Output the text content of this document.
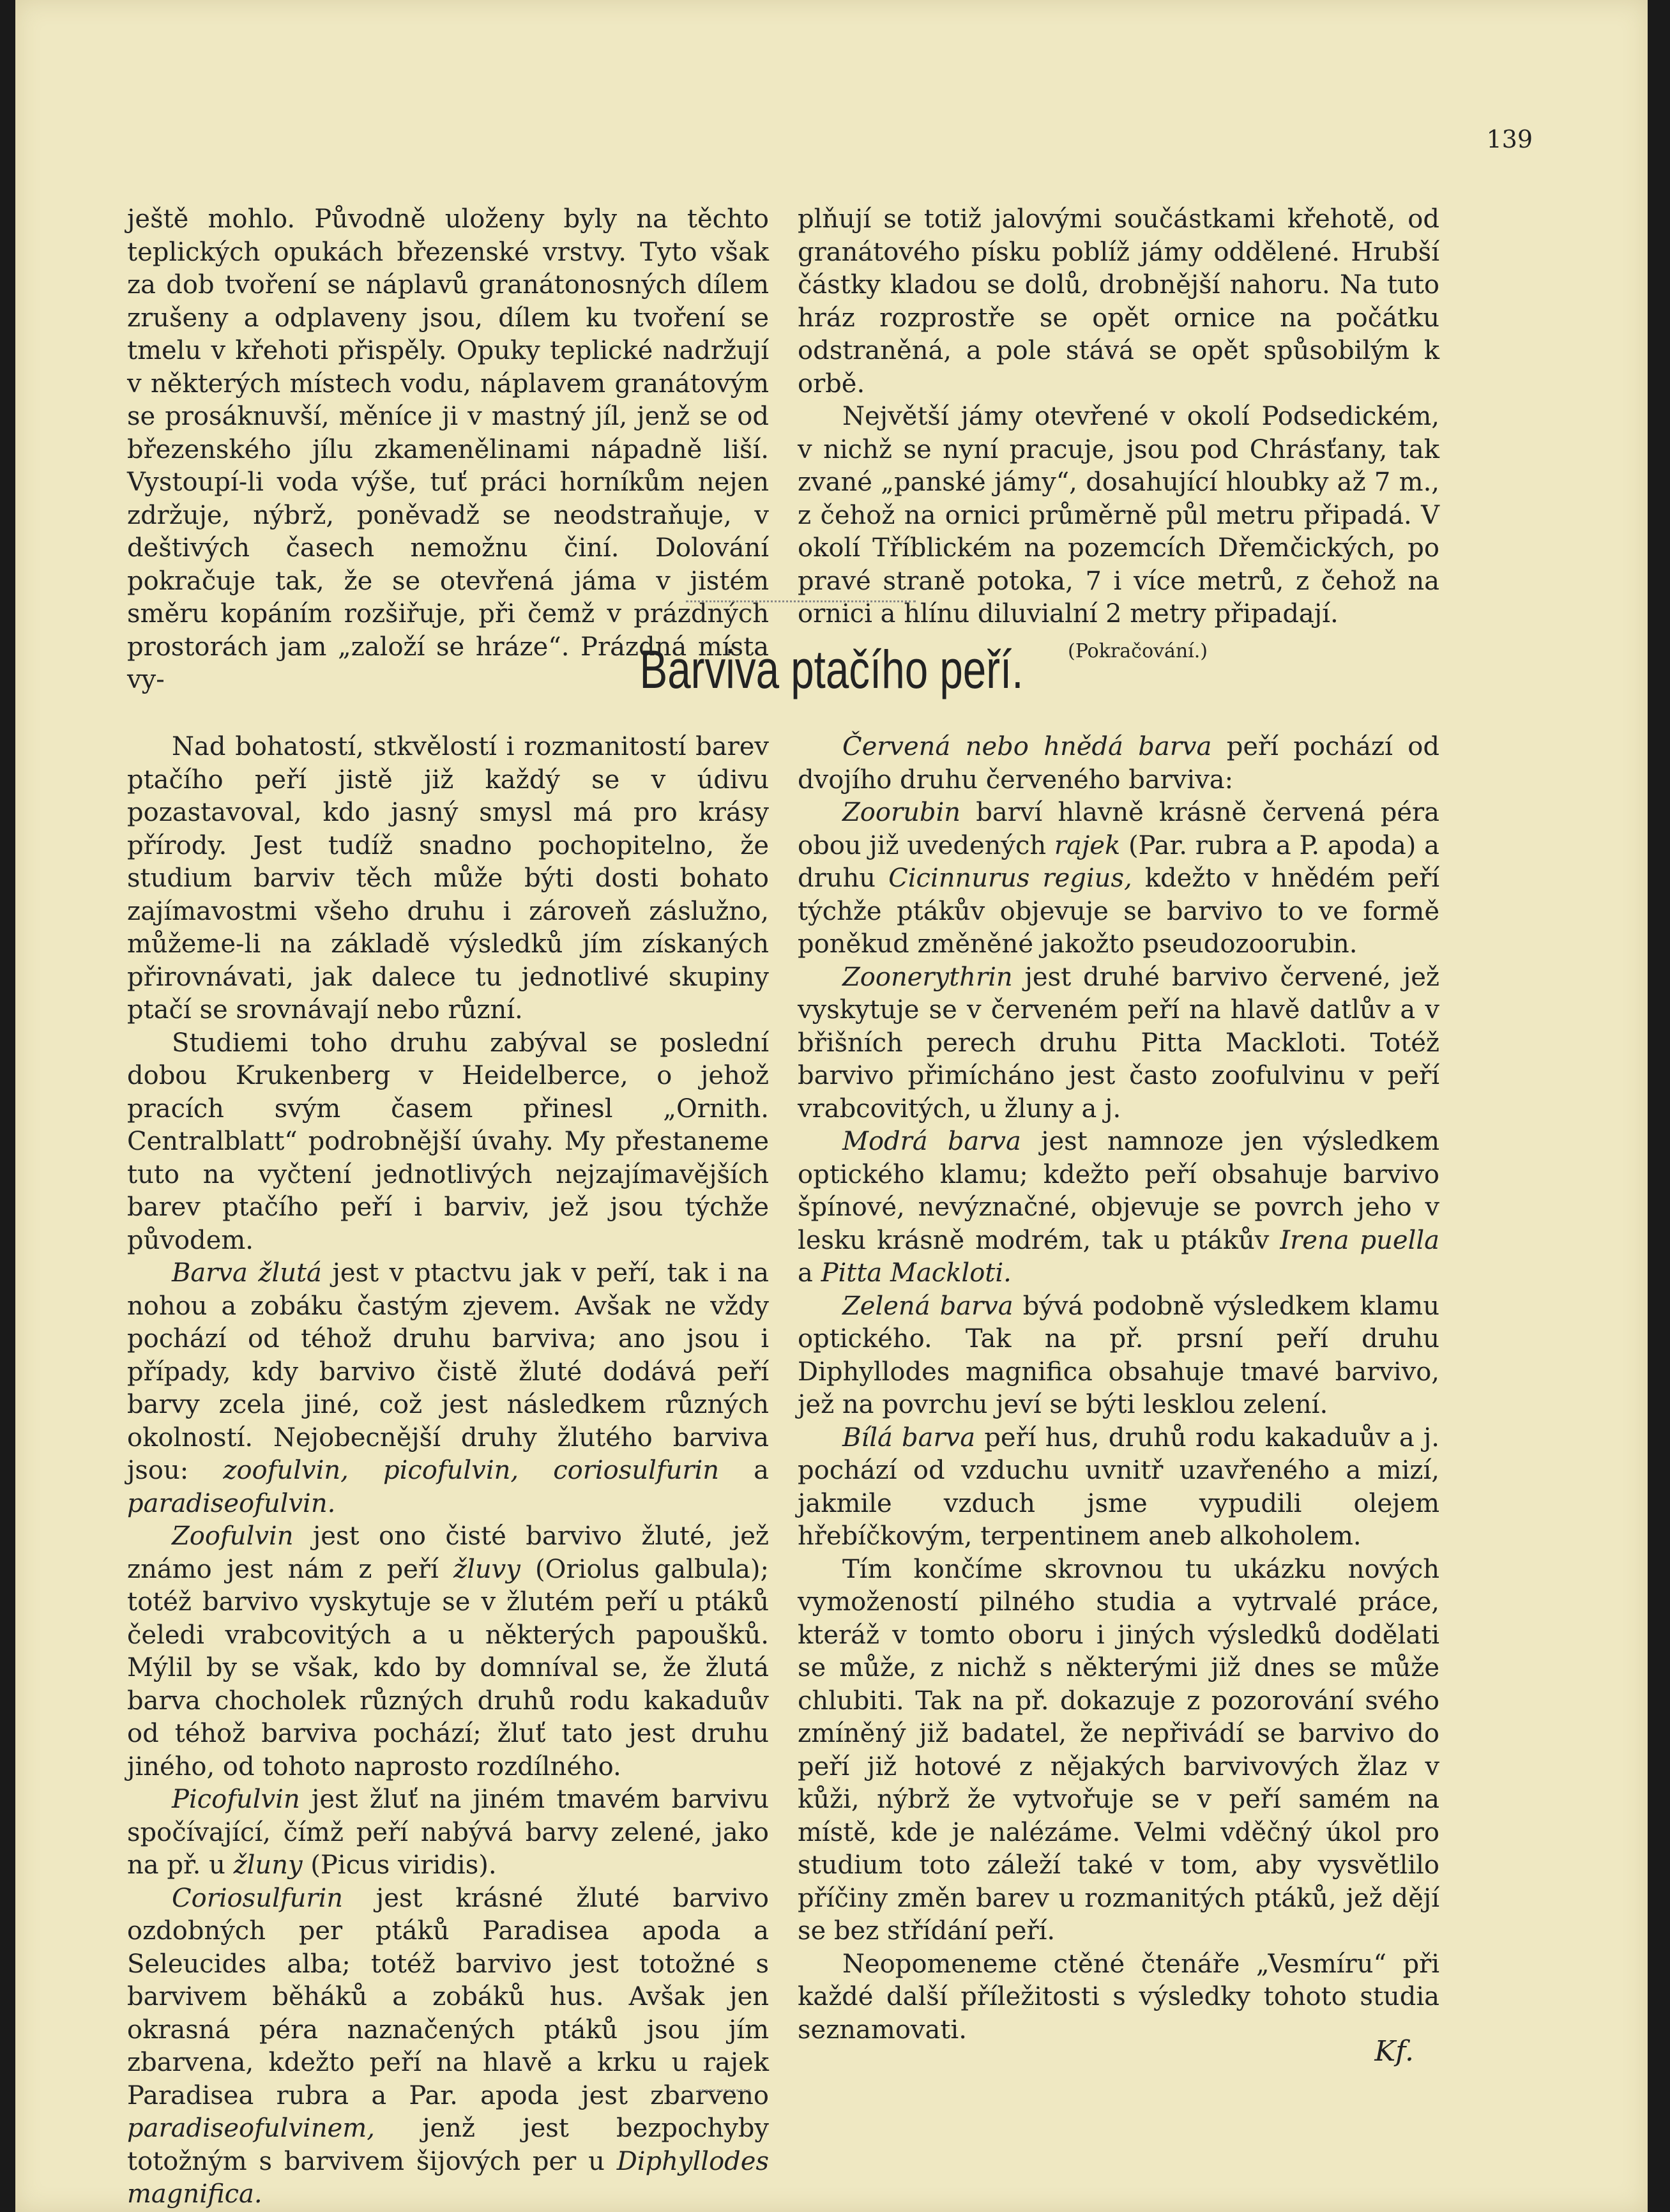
139

ještě mohlo. Původně uloženy byly na těchto teplických opukách březenské vrstvy. Tyto však za dob tvoření se náplavů granátonosných dílem zrušeny a odplaveny jsou, dílem ku tvoření se tmelu v křehoti přispěly. Opuky teplické nadržují v některých místech vodu, náplavem granátovým se prosáknuvší, měníce ji v mastný jíl, jenž se od březenského jílu zkamenělinami nápadně liší. Vystoupí-li voda výše, tuť práci horníkům nejen zdržuje, nýbrž, poněvadž se neodstraňuje, v deštivých časech nemožnu činí. Dolování pokračuje tak, že se otevřená jáma v jistém směru kopáním rozšiřuje, při čemž v prázdných prostorách jam „založí se hráze“. Prázdná místa vy-

plňují se totiž jalovými součástkami křehotě, od granátového písku poblíž jámy oddělené. Hrubší částky kladou se dolů, drobnější nahoru. Na tuto hráz rozprostře se opět ornice na počátku odstraněná, a pole stává se opět spůsobilým k orbě.

Největší jámy otevřené v okolí Podsedickém, v nichž se nyní pracuje, jsou pod Chrásťany, tak zvané „panské jámy“, dosahující hloubky až 7 m., z čehož na ornici průměrně půl metru připadá. V okolí Tříblickém na pozemcích Dřemčických, po pravé straně potoka, 7 i více metrů, z čehož na ornici a hlínu diluvialní 2 metry připadají.

(Pokračování.)
Barviva ptačího peří.

Nad bohatostí, stkvělostí i rozmanitostí barev ptačího peří jistě již každý se v údivu pozastavoval, kdo jasný smysl má pro krásy přírody. Jest tudíž snadno pochopitelno, že studium barviv těch může býti dosti bohato zajímavostmi všeho druhu i zároveň záslužno, můžeme-li na základě výsledků jím získaných přirovnávati, jak dalece tu jednotlivé skupiny ptačí se srovnávají nebo různí.

Studiemi toho druhu zabýval se poslední dobou Krukenberg v Heidelberce, o jehož pracích svým časem přinesl „Ornith. Centralblatt“ podrobnější úvahy. My přestaneme tuto na vyčtení jednotlivých nejzajímavějších barev ptačího peří i barviv, jež jsou týchže původem.

Barva žlutá jest v ptactvu jak v peří, tak i na nohou a zobáku častým zjevem. Avšak ne vždy pochází od téhož druhu barviva; ano jsou i případy, kdy barvivo čistě žluté dodává peří barvy zcela jiné, což jest následkem různých okolností. Nejobecnější druhy žlutého barviva jsou: zoofulvin, picofulvin, coriosulfurin a paradiseofulvin.

Zoofulvin jest ono čisté barvivo žluté, jež známo jest nám z peří žluvy (Oriolus galbula); totéž barvivo vyskytuje se v žlutém peří u ptáků čeledi vrabcovitých a u některých papoušků. Mýlil by se však, kdo by domníval se, že žlutá barva chocholek různých druhů rodu kakaduův od téhož barviva pochází; žluť tato jest druhu jiného, od tohoto naprosto rozdílného.

Picofulvin jest žluť na jiném tmavém barvivu spočívající, čímž peří nabývá barvy zelené, jako na př. u žluny (Picus viridis).

Coriosulfurin jest krásné žluté barvivo ozdobných per ptáků Paradisea apoda a Seleucides alba; totéž barvivo jest totožné s barvivem běháků a zobáků hus. Avšak jen okrasná péra naznačených ptáků jsou jím zbarvena, kdežto peří na hlavě a krku u rajek Paradisea rubra a Par. apoda jest zbarveno paradiseofulvinem, jenž jest bezpochyby totožným s barvivem šijových per u Diphyllodes magnifica.

Červená nebo hnědá barva peří pochází od dvojího druhu červeného barviva:

Zoorubin barví hlavně krásně červená péra obou již uvedených rajek (Par. rubra a P. apoda) a druhu Cicinnurus regius, kdežto v hnědém peří týchže ptákův objevuje se barvivo to ve formě poněkud změněné jakožto pseudozoorubin.

Zoonerythrin jest druhé barvivo červené, jež vyskytuje se v červeném peří na hlavě datlův a v břišních perech druhu Pitta Mackloti. Totéž barvivo přimícháno jest často zoofulvinu v peří vrabcovitých, u žluny a j.

Modrá barva jest namnoze jen výsledkem optického klamu; kdežto peří obsahuje barvivo špínové, nevýznačné, objevuje se povrch jeho v lesku krásně modrém, tak u ptákův Irena puella a Pitta Mackloti.

Zelená barva bývá podobně výsledkem klamu optického. Tak na př. prsní peří druhu Diphyllodes magnifica obsahuje tmavé barvivo, jež na povrchu jeví se býti lesklou zelení.

Bílá barva peří hus, druhů rodu kakaduův a j. pochází od vzduchu uvnitř uzavřeného a mizí, jakmile vzduch jsme vypudili olejem hřebíčkovým, terpentinem aneb alkoholem.

Tím končíme skrovnou tu ukázku nových vymožeností pilného studia a vytrvalé práce, kteráž v tomto oboru i jiných výsledků dodělati se může, z nichž s některými již dnes se může chlubiti. Tak na př. dokazuje z pozorování svého zmíněný již badatel, že nepřivádí se barvivo do peří již hotové z nějakých barvivových žlaz v kůži, nýbrž že vytvořuje se v peří samém na místě, kde je nalézáme. Velmi vděčný úkol pro studium toto záleží také v tom, aby vysvětlilo příčiny změn barev u rozmanitých ptáků, jež dějí se bez střídání peří.

Neopomeneme ctěné čtenáře „Vesmíru“ při každé další příležitosti s výsledky tohoto studia seznamovati.

Kf.
